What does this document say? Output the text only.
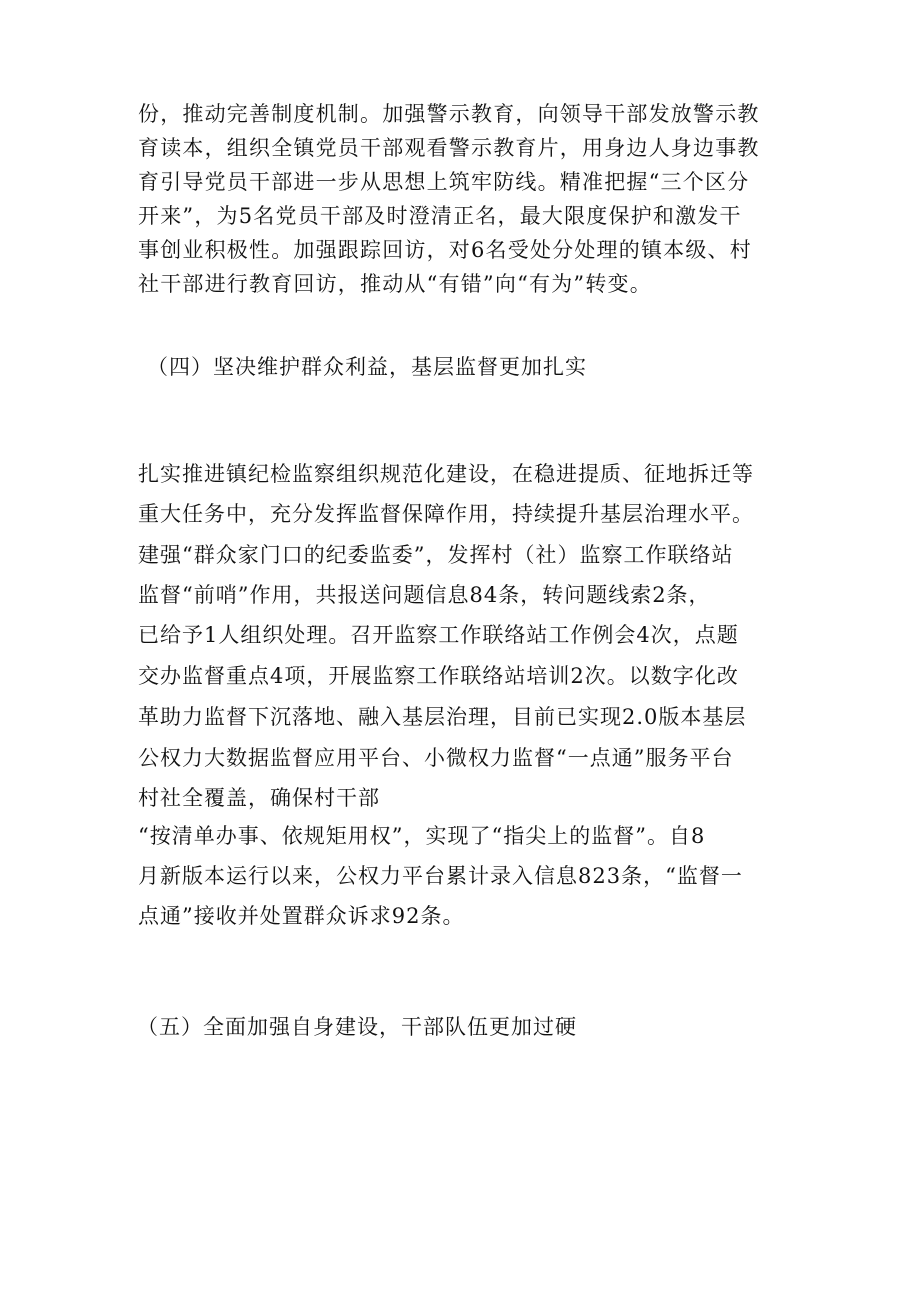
份，推动完善制度机制。加强警示教育，向领导干部发放警示教

育读本，组织全镇党员干部观看警示教育片，用身边人身边事教

育引导党员干部进一步从思想上筑牢防线。精准把握“三个区分

开来”，为5名党员干部及时澄清正名，最大限度保护和激发干

事创业积极性。加强跟踪回访，对6名受处分处理的镇本级、村

社干部进行教育回访，推动从“有错”向“有为”转变。

（四）坚决维护群众利益，基层监督更加扎实

扎实推进镇纪检监察组织规范化建设，在稳进提质、征地拆迁等

重大任务中，充分发挥监督保障作用，持续提升基层治理水平。

建强“群众家门口的纪委监委”，发挥村（社）监察工作联络站

监督“前哨”作用，共报送问题信息84条，转问题线索2条，

已给予1人组织处理。召开监察工作联络站工作例会4次，点题

交办监督重点4项，开展监察工作联络站培训2次。以数字化改

革助力监督下沉落地、融入基层治理，目前已实现2.0版本基层

公权力大数据监督应用平台、小微权力监督“一点通”服务平台

村社全覆盖，确保村干部

“按清单办事、依规矩用权”，实现了“指尖上的监督”。自8

月新版本运行以来，公权力平台累计录入信息823条，“监督一

点通”接收并处置群众诉求92条。

（五）全面加强自身建设，干部队伍更加过硬
